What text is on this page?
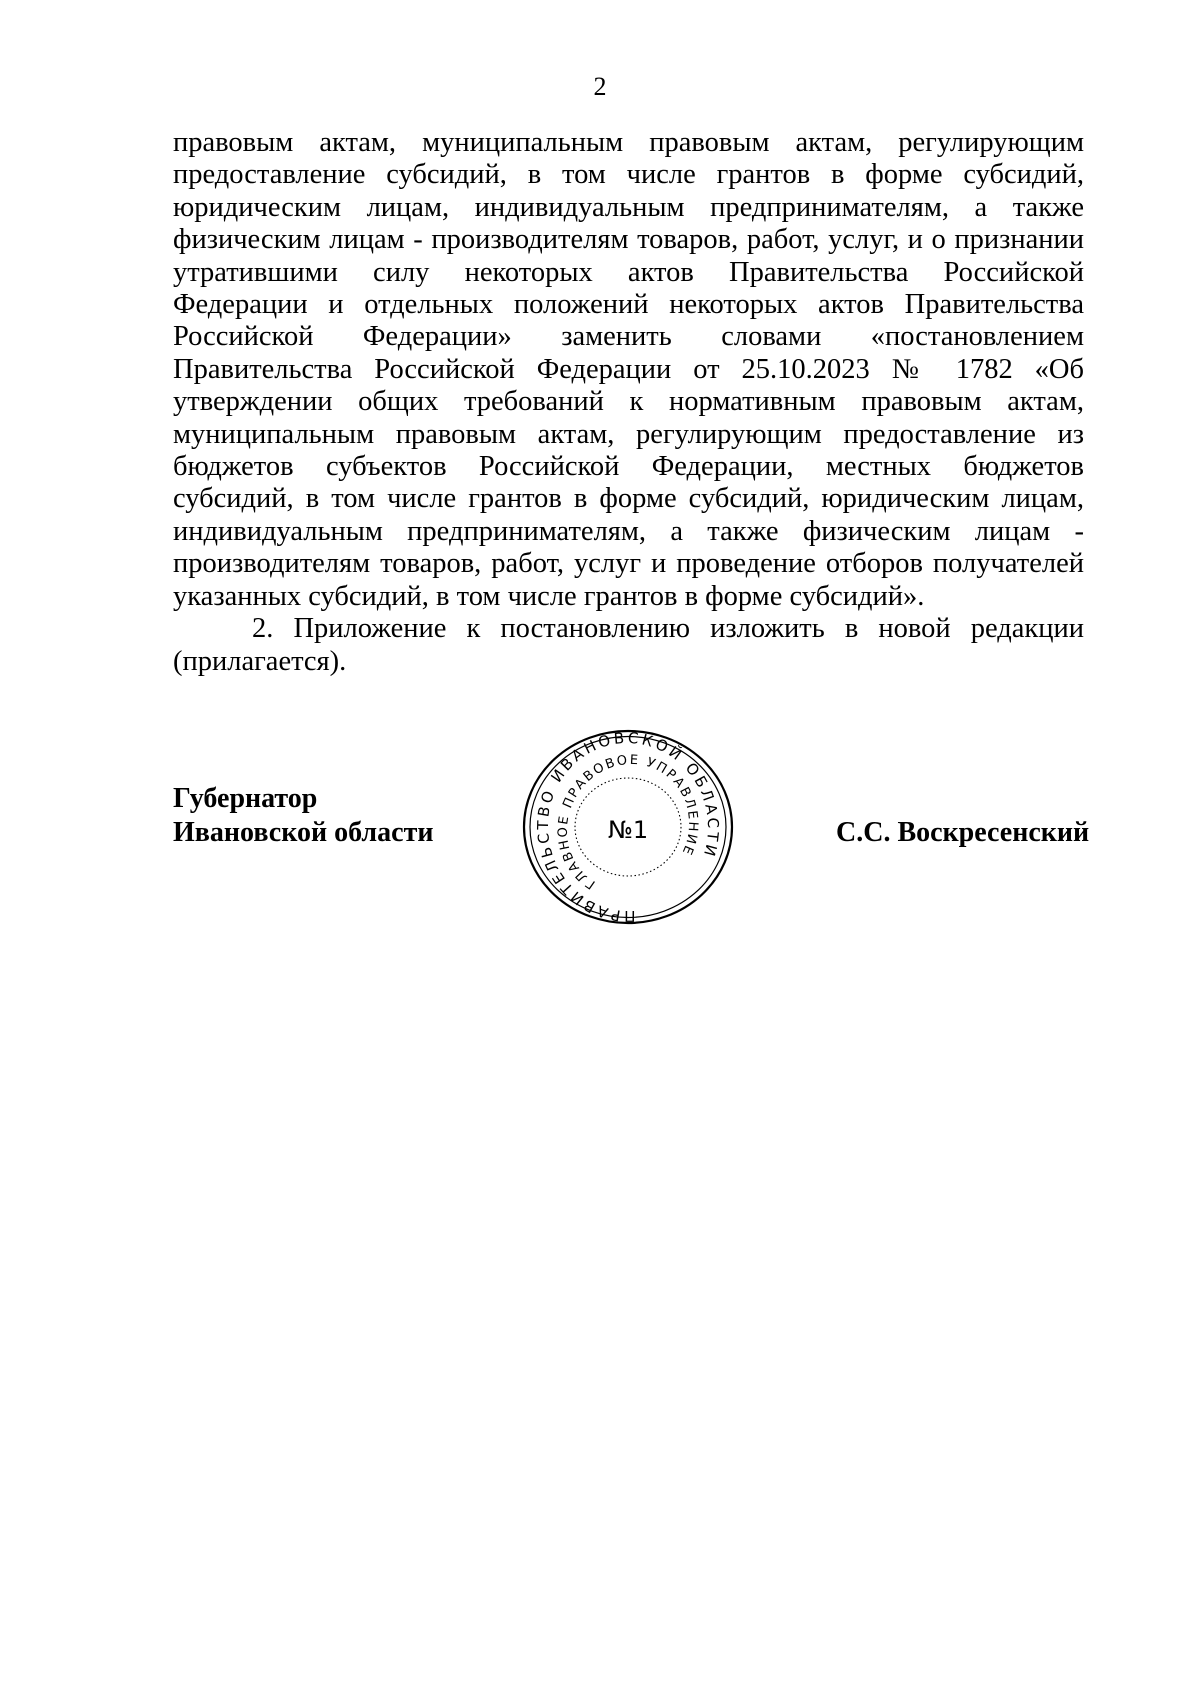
2

правовым актам, муниципальным правовым актам, регулирующим предоставление субсидий, в том числе грантов в форме субсидий, юридическим лицам, индивидуальным предпринимателям, а также физическим лицам - производителям товаров, работ, услуг, и о признании утратившими силу некоторых актов Правительства Российской Федерации и отдельных положений некоторых актов Правительства Российской Федерации» заменить словами «постановлением Правительства Российской Федерации от 25.10.2023 № 1782 «Об утверждении общих требований к нормативным правовым актам, муниципальным правовым актам, регулирующим предоставление из бюджетов субъектов Российской Федерации, местных бюджетов субсидий, в том числе грантов в форме субсидий, юридическим лицам, индивидуальным предпринимателям, а также физическим лицам - производителям товаров, работ, услуг и проведение отборов получателей указанных субсидий, в том числе грантов в форме субсидий».

2. Приложение к постановлению изложить в новой редакции (прилагается).

Губернатор
Ивановской области	С.С. Воскресенский
ПРАВИТЕЛЬСТВО ИВАНОВСКОЙ ОБЛАСТИ
ГЛАВНОЕ ПРАВОВОЕ УПРАВЛЕНИЕ
№1
